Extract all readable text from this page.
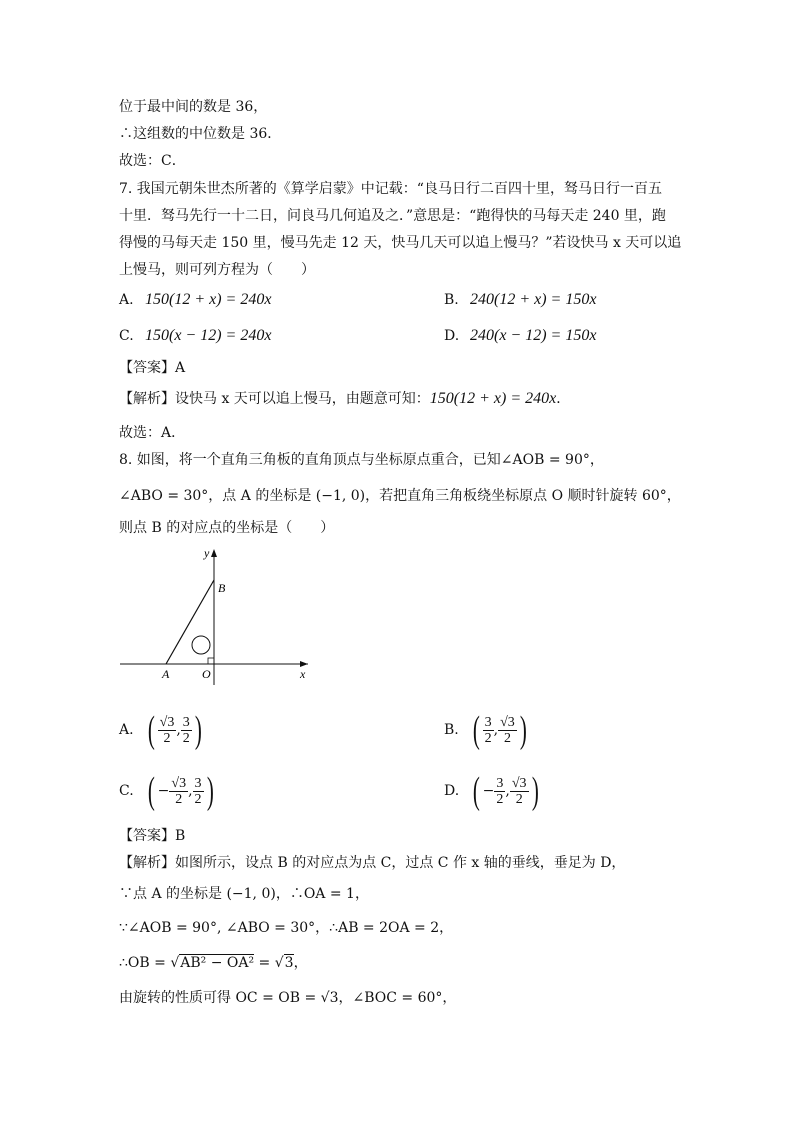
位于最中间的数是 36，
∴这组数的中位数是 36．
故选：C．
7. 我国元朝朱世杰所著的《算学启蒙》中记载：“良马日行二百四十里，驽马日行一百五
十里．驽马先行一十二日，问良马几何追及之．”意思是：“跑得快的马每天走 240 里，跑
得慢的马每天走 150 里，慢马先走 12 天，快马几天可以追上慢马？”若设快马 x 天可以追
上慢马，则可列方程为（　　）
A. 150(12 + x) = 240x	B. 240(12 + x) = 150x
C. 150(x − 12) = 240x	D. 240(x − 12) = 150x
【答案】A
【解析】设快马 x 天可以追上慢马，由题意可知：150(12 + x) = 240x．
故选：A．
8. 如图，将一个直角三角板的直角顶点与坐标原点重合，已知∠AOB = 90°，
∠ABO = 30°，点 A 的坐标是 (−1, 0)，若把直角三角板绕坐标原点 O 顺时针旋转 60°，
则点 B 的对应点的坐标是（　　）
y
B
A	O	x
A. ( $\frac{√3}{2}$ , $\frac{3}{2}$ )	B. ( $\frac{3}{2}$ , $\frac{√3}{2}$ )
C. ( − $\frac{√3}{2}$ , $\frac{3}{2}$ )	D. ( − $\frac{3}{2}$ , $\frac{√3}{2}$ )
【答案】B
【解析】如图所示，设点 B 的对应点为点 C，过点 C 作 x 轴的垂线，垂足为 D，
∵点 A 的坐标是 (−1, 0)，∴OA = 1，
∵∠AOB = 90°, ∠ABO = 30°，∴AB = 2OA = 2，
∴OB = √AB² − OA² = √3，
由旋转的性质可得 OC = OB = √3，∠BOC = 60°，
